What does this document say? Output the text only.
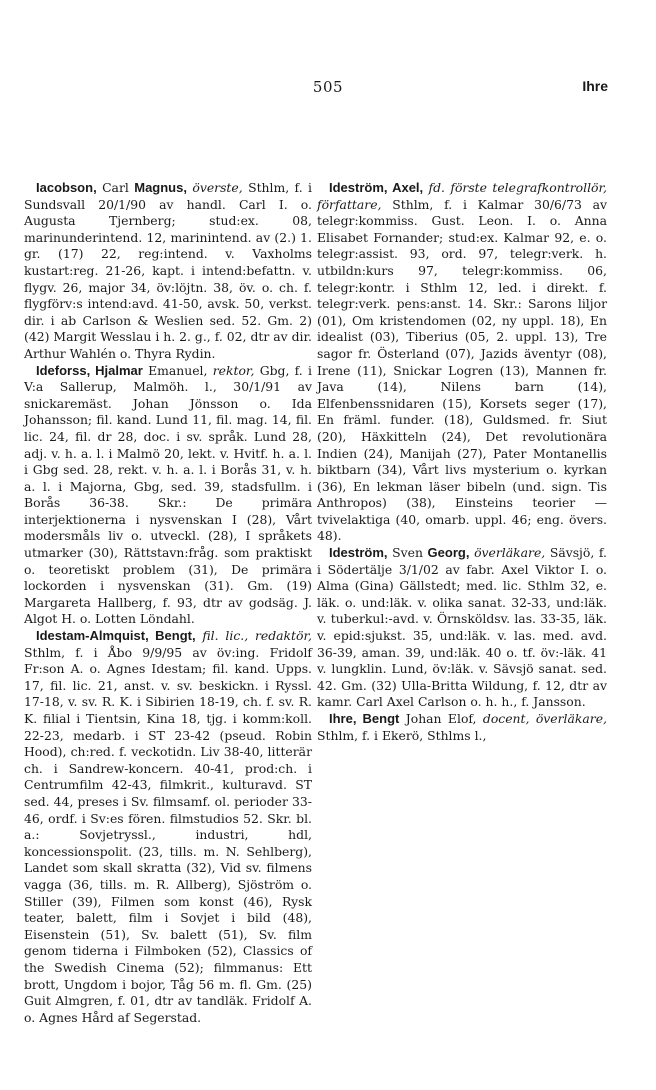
505	Ihre

Iacobson, Carl Magnus, överste, Sthlm, f. i Sundsvall 20/1/90 av handl. Carl I. o. Augusta Tjernberg; stud:ex. 08, marinunderintend. 12, marinintend. av (2.) 1. gr. (17) 22, reg:intend. v. Vaxholms kustart:reg. 21-26, kapt. i intend:befattn. v. flygv. 26, major 34, öv:löjtn. 38, öv. o. ch. f. flygförv:s intend:avd. 41-50, avsk. 50, verkst. dir. i ab Carlson & Weslien sed. 52. Gm. 2) (42) Margit Wesslau i h. 2. g., f. 02, dtr av dir. Arthur Wahlén o. Thyra Rydin.

Ideforss, Hjalmar Emanuel, rektor, Gbg, f. i V:a Sallerup, Malmöh. l., 30/1/91 av snickaremäst. Johan Jönsson o. Ida Johansson; fil. kand. Lund 11, fil. mag. 14, fil. lic. 24, fil. dr 28, doc. i sv. språk. Lund 28, adj. v. h. a. l. i Malmö 20, lekt. v. Hvitf. h. a. l. i Gbg sed. 28, rekt. v. h. a. l. i Borås 31, v. h. a. l. i Majorna, Gbg, sed. 39, stadsfullm. i Borås 36-38. Skr.: De primära interjektionerna i nysvenskan I (28), Vårt modersmåls liv o. utveckl. (28), I språkets utmarker (30), Rättstavn:fråg. som praktiskt o. teoretiskt problem (31), De primära lockorden i nysvenskan (31). Gm. (19) Margareta Hallberg, f. 93, dtr av godsäg. J. Algot H. o. Lotten Löndahl.

Idestam-Almquist, Bengt, fil. lic., redaktör, Sthlm, f. i Åbo 9/9/95 av öv:ing. Fridolf Fr:son A. o. Agnes Idestam; fil. kand. Upps. 17, fil. lic. 21, anst. v. sv. beskickn. i Ryssl. 17-18, v. sv. R. K. i Sibirien 18-19, ch. f. sv. R. K. filial i Tientsin, Kina 18, tjg. i komm:koll. 22-23, medarb. i ST 23-42 (pseud. Robin Hood), ch:red. f. veckotidn. Liv 38-40, litterär ch. i Sandrew-koncern. 40-41, prod:ch. i Centrumfilm 42-43, filmkrit., kulturavd. ST sed. 44, preses i Sv. filmsamf. ol. perioder 33-46, ordf. i Sv:es fören. filmstudios 52. Skr. bl. a.: Sovjetryssl., industri, hdl, koncessionspolit. (23, tills. m. N. Sehlberg), Landet som skall skratta (32), Vid sv. filmens vagga (36, tills. m. R. Allberg), Sjöström o. Stiller (39), Filmen som konst (46), Rysk teater, balett, film i Sovjet i bild (48), Eisenstein (51), Sv. balett (51), Sv. film genom tiderna i Filmboken (52), Classics of the Swedish Cinema (52); filmmanus: Ett brott, Ungdom i bojor, Tåg 56 m. fl. Gm. (25) Guit Almgren, f. 01, dtr av tandläk. Fridolf A. o. Agnes Hård af Segerstad.

Ideström, Axel, fd. förste telegrafkontrollör, författare, Sthlm, f. i Kalmar 30/6/73 av telegr:kommiss. Gust. Leon. I. o. Anna Elisabet Fornander; stud:ex. Kalmar 92, e. o. telegr:assist. 93, ord. 97, telegr:verk. h. utbildn:kurs 97, telegr:kommiss. 06, telegr:kontr. i Sthlm 12, led. i direkt. f. telegr:verk. pens:anst. 14. Skr.: Sarons liljor (01), Om kristendomen (02, ny uppl. 18), En idealist (03), Tiberius (05, 2. uppl. 13), Tre sagor fr. Österland (07), Jazids äventyr (08), Irene (11), Snickar Logren (13), Mannen fr. Java (14), Nilens barn (14), Elfenbenssnidaren (15), Korsets seger (17), En främl. funder. (18), Guldsmed. fr. Siut (20), Häxkitteln (24), Det revolutionära Indien (24), Manijah (27), Pater Montanellis biktbarn (34), Vårt livs mysterium o. kyrkan (36), En lekman läser bibeln (und. sign. Tis Anthropos) (38), Einsteins teorier — tvivelaktiga (40, omarb. uppl. 46; eng. övers. 48).

Ideström, Sven Georg, överläkare, Sävsjö, f. i Södertälje 3/1/02 av fabr. Axel Viktor I. o. Alma (Gina) Gällstedt; med. lic. Sthlm 32, e. läk. o. und:läk. v. olika sanat. 32-33, und:läk. v. tuberkul:-avd. v. Örnsköldsv. las. 33-35, läk. v. epid:sjukst. 35, und:läk. v. las. med. avd. 36-39, aman. 39, und:läk. 40 o. tf. öv:-läk. 41 v. lungklin. Lund, öv:läk. v. Sävsjö sanat. sed. 42. Gm. (32) Ulla-Britta Wildung, f. 12, dtr av kamr. Carl Axel Carlson o. h. h., f. Jansson.

Ihre, Bengt Johan Elof, docent, överläkare, Sthlm, f. i Ekerö, Sthlms l.,
